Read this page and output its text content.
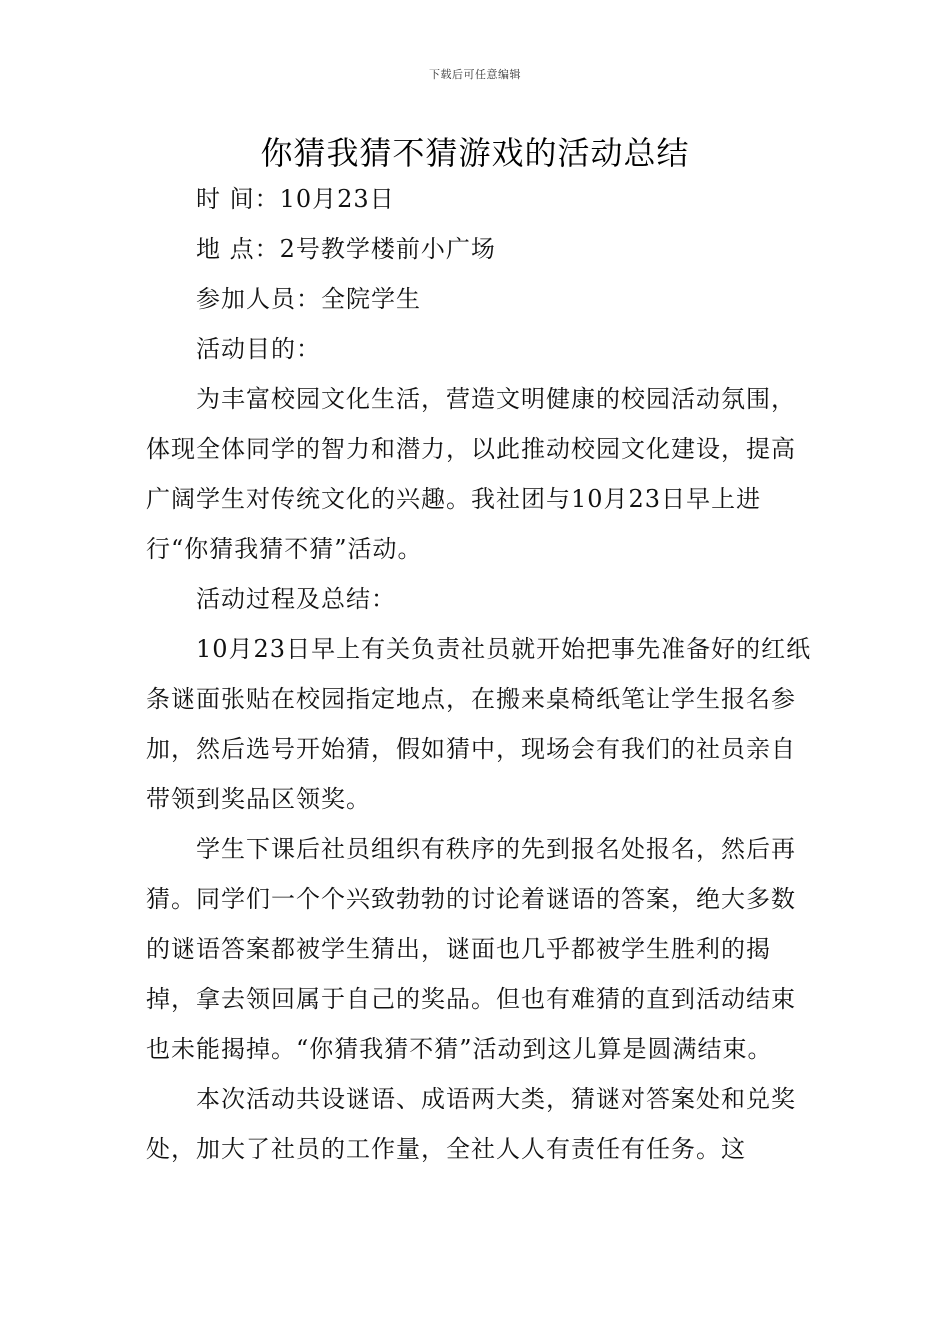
下载后可任意编辑
你猜我猜不猜游戏的活动总结

时 间：10月23日

地 点：2号教学楼前小广场

参加人员：全院学生

活动目的：

为丰富校园文化生活，营造文明健康的校园活动氛围，体现全体同学的智力和潜力，以此推动校园文化建设，提高广阔学生对传统文化的兴趣。我社团与10月23日早上进行“你猜我猜不猜”活动。

活动过程及总结：

10月23日早上有关负责社员就开始把事先准备好的红纸条谜面张贴在校园指定地点，在搬来桌椅纸笔让学生报名参加，然后选号开始猜，假如猜中，现场会有我们的社员亲自带领到奖品区领奖。

学生下课后社员组织有秩序的先到报名处报名，然后再猜。同学们一个个兴致勃勃的讨论着谜语的答案，绝大多数的谜语答案都被学生猜出，谜面也几乎都被学生胜利的揭掉，拿去领回属于自己的奖品。但也有难猜的直到活动结束也未能揭掉。“你猜我猜不猜”活动到这儿算是圆满结束。

本次活动共设谜语、成语两大类，猜谜对答案处和兑奖处，加大了社员的工作量，全社人人有责任有任务。这
